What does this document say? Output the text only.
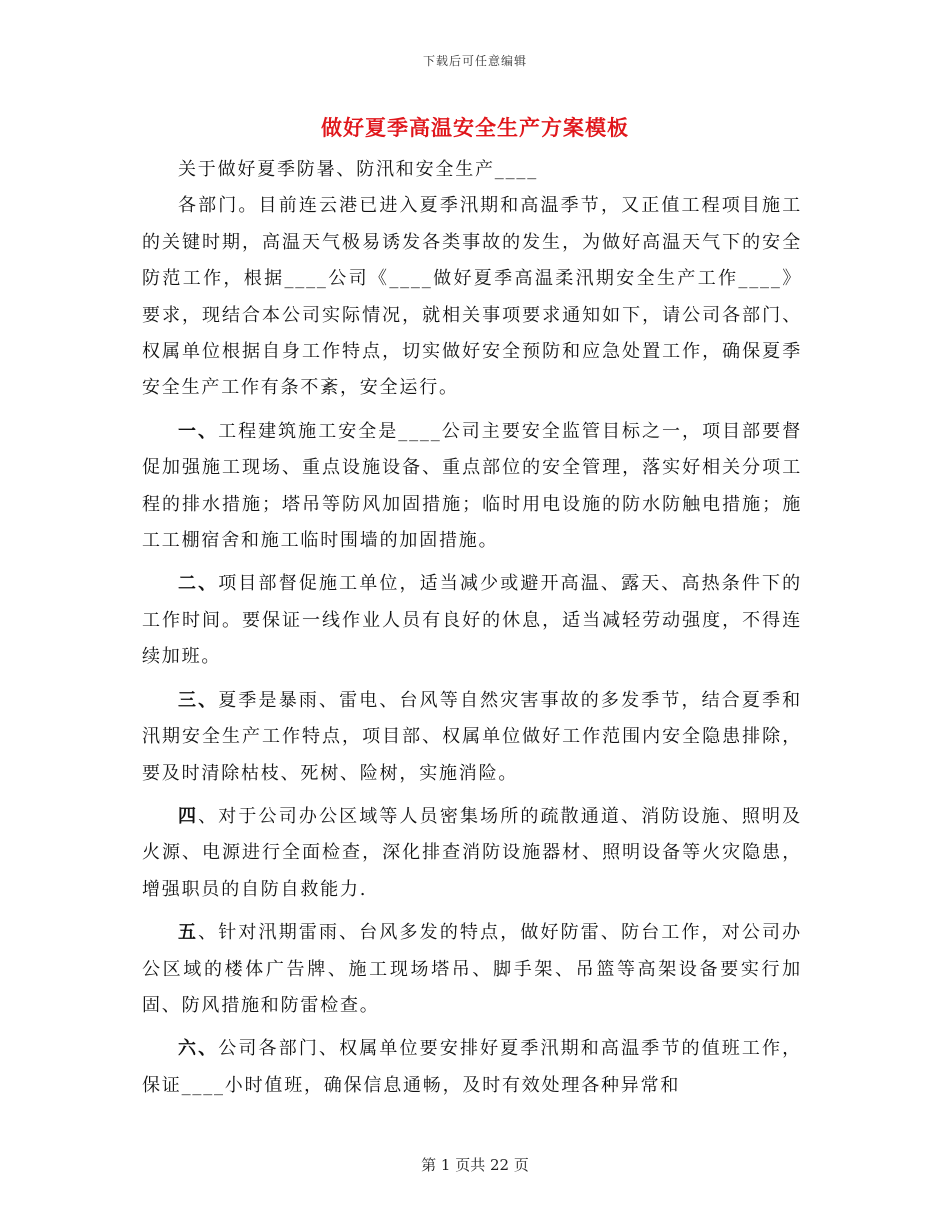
下载后可任意编辑
做好夏季高温安全生产方案模板

关于做好夏季防暑、防汛和安全生产____

各部门。目前连云港已进入夏季汛期和高温季节，又正值工程项目施工的关键时期，高温天气极易诱发各类事故的发生，为做好高温天气下的安全防范工作，根据____公司《____做好夏季高温柔汛期安全生产工作____》要求，现结合本公司实际情况，就相关事项要求通知如下，请公司各部门、权属单位根据自身工作特点，切实做好安全预防和应急处置工作，确保夏季安全生产工作有条不紊，安全运行。

一、工程建筑施工安全是____公司主要安全监管目标之一，项目部要督促加强施工现场、重点设施设备、重点部位的安全管理，落实好相关分项工程的排水措施；塔吊等防风加固措施；临时用电设施的防水防触电措施；施工工棚宿舍和施工临时围墙的加固措施。

二、项目部督促施工单位，适当减少或避开高温、露天、高热条件下的工作时间。要保证一线作业人员有良好的休息，适当减轻劳动强度，不得连续加班。

三、夏季是暴雨、雷电、台风等自然灾害事故的多发季节，结合夏季和汛期安全生产工作特点，项目部、权属单位做好工作范围内安全隐患排除，要及时清除枯枝、死树、险树，实施消险。

四、对于公司办公区域等人员密集场所的疏散通道、消防设施、照明及火源、电源进行全面检查，深化排查消防设施器材、照明设备等火灾隐患，增强职员的自防自救能力.

五、针对汛期雷雨、台风多发的特点，做好防雷、防台工作，对公司办公区域的楼体广告牌、施工现场塔吊、脚手架、吊篮等高架设备要实行加固、防风措施和防雷检查。

六、公司各部门、权属单位要安排好夏季汛期和高温季节的值班工作，保证____小时值班，确保信息通畅，及时有效处理各种异常和

第 1 页共 22 页
